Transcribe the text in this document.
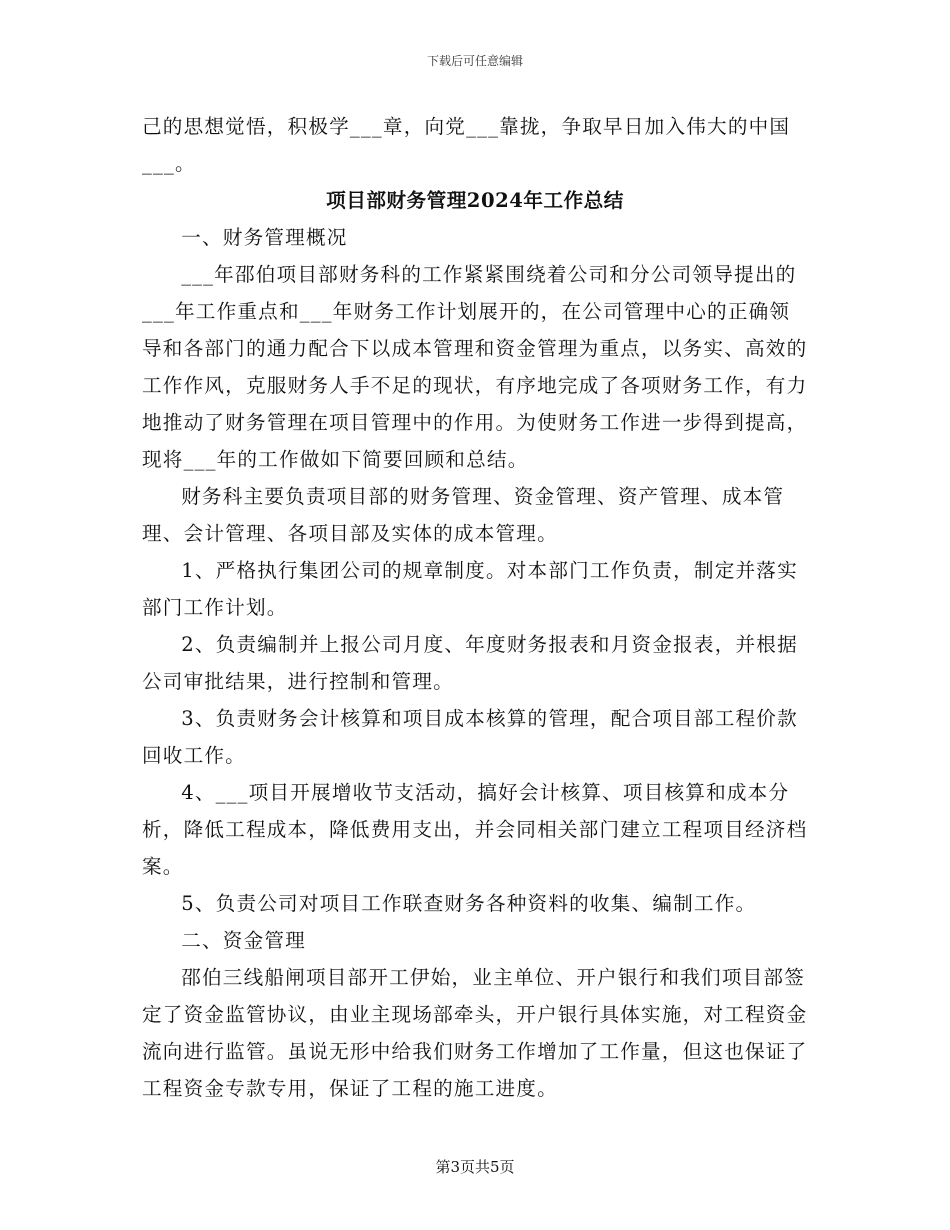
下载后可任意编辑

己的思想觉悟，积极学___章，向党___靠拢，争取早日加入伟大的中国___。

项目部财务管理2024年工作总结

一、财务管理概况

___年邵伯项目部财务科的工作紧紧围绕着公司和分公司领导提出的___年工作重点和___年财务工作计划展开的，在公司管理中心的正确领导和各部门的通力配合下以成本管理和资金管理为重点，以务实、高效的工作作风，克服财务人手不足的现状，有序地完成了各项财务工作，有力地推动了财务管理在项目管理中的作用。为使财务工作进一步得到提高，现将___年的工作做如下简要回顾和总结。

财务科主要负责项目部的财务管理、资金管理、资产管理、成本管理、会计管理、各项目部及实体的成本管理。

1、严格执行集团公司的规章制度。对本部门工作负责，制定并落实部门工作计划。

2、负责编制并上报公司月度、年度财务报表和月资金报表，并根据公司审批结果，进行控制和管理。

3、负责财务会计核算和项目成本核算的管理，配合项目部工程价款回收工作。

4、___项目开展增收节支活动，搞好会计核算、项目核算和成本分析，降低工程成本，降低费用支出，并会同相关部门建立工程项目经济档案。

5、负责公司对项目工作联查财务各种资料的收集、编制工作。

二、资金管理

邵伯三线船闸项目部开工伊始，业主单位、开户银行和我们项目部签定了资金监管协议，由业主现场部牵头，开户银行具体实施，对工程资金流向进行监管。虽说无形中给我们财务工作增加了工作量，但这也保证了工程资金专款专用，保证了工程的施工进度。

第3页共5页
